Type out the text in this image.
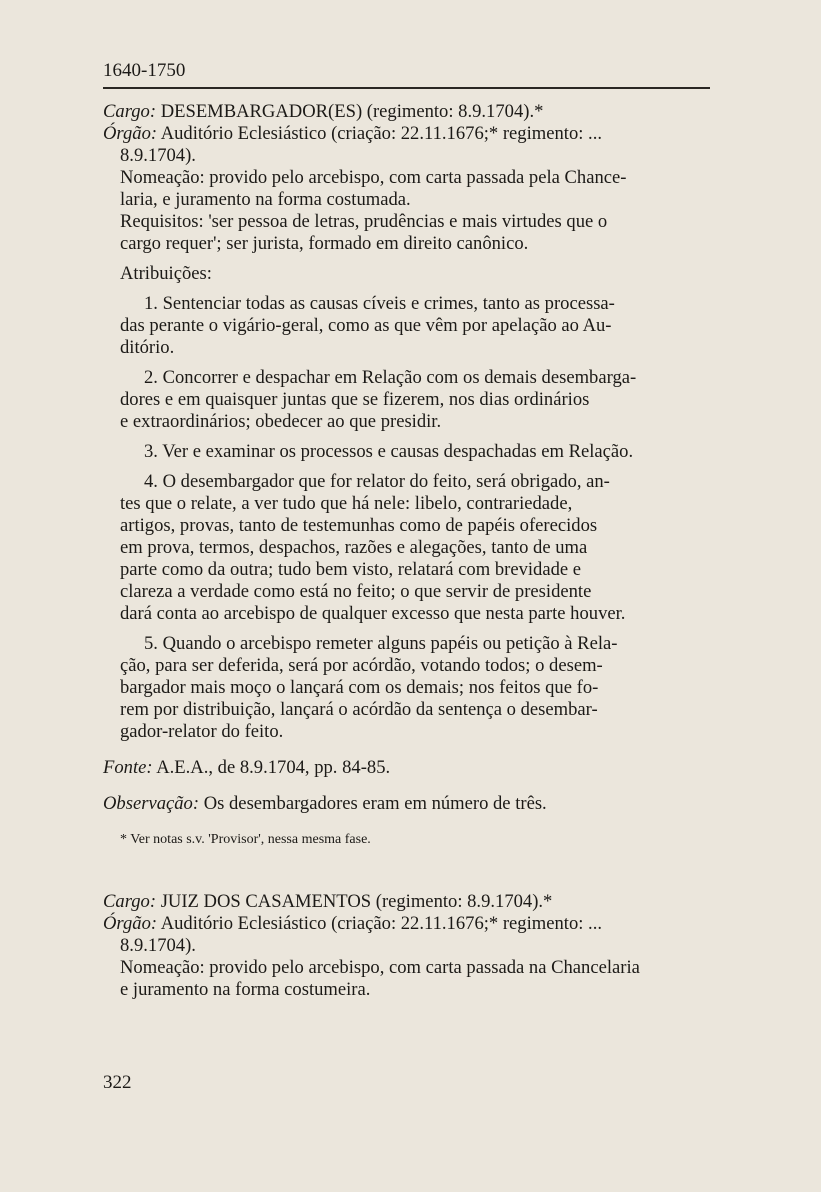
1640-1750

Cargo: DESEMBARGADOR(ES) (regimento: 8.9.1704).*

Órgão: Auditório Eclesiástico (criação: 22.11.1676;* regimento: ...

8.9.1704).

Nomeação: provido pelo arcebispo, com carta passada pela Chance-

laria, e juramento na forma costumada.

Requisitos: 'ser pessoa de letras, prudências e mais virtudes que o

cargo requer'; ser jurista, formado em direito canônico.

Atribuições:

1. Sentenciar todas as causas cíveis e crimes, tanto as processa-

das perante o vigário-geral, como as que vêm por apelação ao Au-

ditório.

2. Concorrer e despachar em Relação com os demais desembarga-

dores e em quaisquer juntas que se fizerem, nos dias ordinários

e extraordinários; obedecer ao que presidir.

3. Ver e examinar os processos e causas despachadas em Relação.

4. O desembargador que for relator do feito, será obrigado, an-

tes que o relate, a ver tudo que há nele: libelo, contrariedade,

artigos, provas, tanto de testemunhas como de papéis oferecidos

em prova, termos, despachos, razões e alegações, tanto de uma

parte como da outra; tudo bem visto, relatará com brevidade e

clareza a verdade como está no feito; o que servir de presidente

dará conta ao arcebispo de qualquer excesso que nesta parte houver.

5. Quando o arcebispo remeter alguns papéis ou petição à Rela-

ção, para ser deferida, será por acórdão, votando todos; o desem-

bargador mais moço o lançará com os demais; nos feitos que fo-

rem por distribuição, lançará o acórdão da sentença o desembar-

gador-relator do feito.

Fonte: A.E.A., de 8.9.1704, pp. 84-85.

Observação: Os desembargadores eram em número de três.

* Ver notas s.v. 'Provisor', nessa mesma fase.

Cargo: JUIZ DOS CASAMENTOS (regimento: 8.9.1704).*

Órgão: Auditório Eclesiástico (criação: 22.11.1676;* regimento: ...

8.9.1704).

Nomeação: provido pelo arcebispo, com carta passada na Chancelaria

e juramento na forma costumeira.

322
